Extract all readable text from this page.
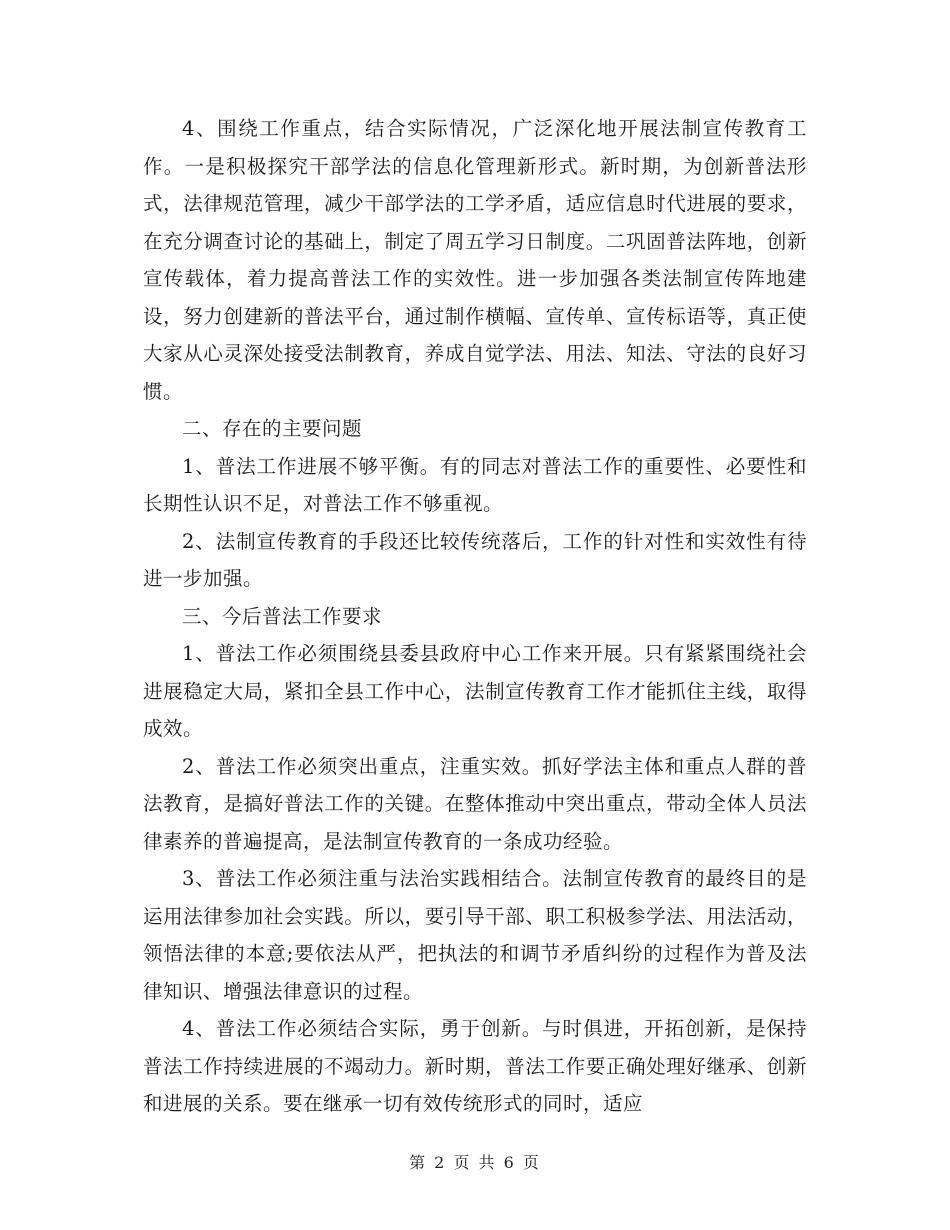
4、围绕工作重点，结合实际情况，广泛深化地开展法制宣传教育工作。一是积极探究干部学法的信息化管理新形式。新时期，为创新普法形式，法律规范管理，减少干部学法的工学矛盾，适应信息时代进展的要求，在充分调查讨论的基础上，制定了周五学习日制度。二巩固普法阵地，创新宣传载体，着力提高普法工作的实效性。进一步加强各类法制宣传阵地建设，努力创建新的普法平台，通过制作横幅、宣传单、宣传标语等，真正使大家从心灵深处接受法制教育，养成自觉学法、用法、知法、守法的良好习惯。

二、存在的主要问题

1、普法工作进展不够平衡。有的同志对普法工作的重要性、必要性和长期性认识不足，对普法工作不够重视。

2、法制宣传教育的手段还比较传统落后，工作的针对性和实效性有待进一步加强。

三、今后普法工作要求

1、普法工作必须围绕县委县政府中心工作来开展。只有紧紧围绕社会进展稳定大局，紧扣全县工作中心，法制宣传教育工作才能抓住主线，取得成效。

2、普法工作必须突出重点，注重实效。抓好学法主体和重点人群的普法教育，是搞好普法工作的关键。在整体推动中突出重点，带动全体人员法律素养的普遍提高，是法制宣传教育的一条成功经验。

3、普法工作必须注重与法治实践相结合。法制宣传教育的最终目的是运用法律参加社会实践。所以，要引导干部、职工积极参学法、用法活动，领悟法律的本意;要依法从严，把执法的和调节矛盾纠纷的过程作为普及法律知识、增强法律意识的过程。

4、普法工作必须结合实际，勇于创新。与时俱进，开拓创新，是保持普法工作持续进展的不竭动力。新时期，普法工作要正确处理好继承、创新和进展的关系。要在继承一切有效传统形式的同时，适应

第 2 页 共 6 页
